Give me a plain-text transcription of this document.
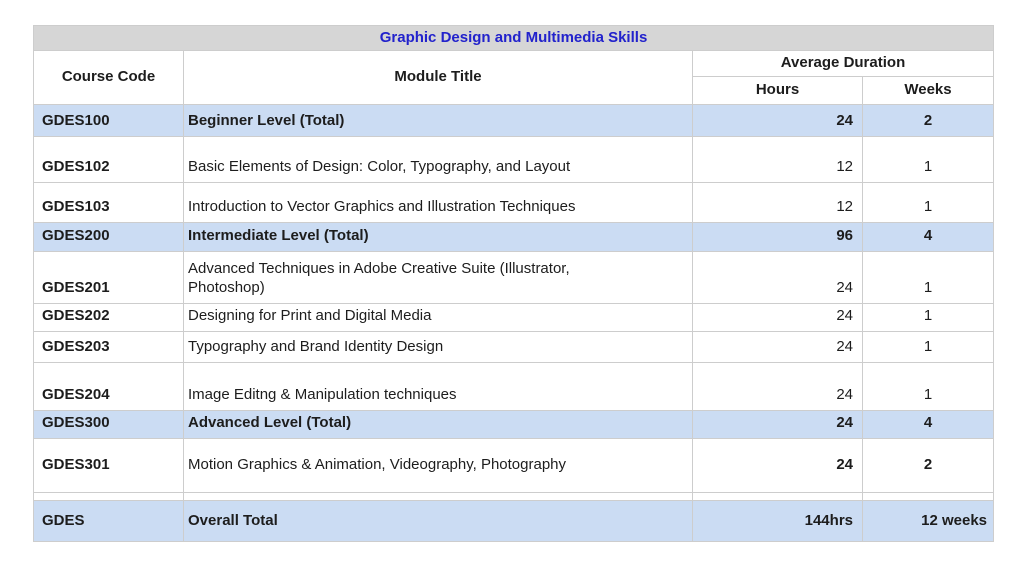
Graphic Design and Multimedia Skills			
Course Code	Module Title	Average Duration	
		Hours	Weeks
GDES100	Beginner Level (Total)	24	2
GDES102	Basic Elements of Design: Color, Typography, and Layout	12	1
GDES103	Introduction to Vector Graphics and Illustration Techniques	12	1
GDES200	Intermediate Level (Total)	96	4
GDES201	Advanced Techniques in Adobe Creative Suite (Illustrator, Photoshop)	24	1
GDES202	Designing for Print and Digital Media	24	1
GDES203	Typography and Brand Identity Design	24	1
GDES204	Image Editng & Manipulation techniques	24	1
GDES300	Advanced Level (Total)	24	4
GDES301	Motion Graphics & Animation, Videography, Photography	24	2

GDES	Overall Total	144hrs	12 weeks
